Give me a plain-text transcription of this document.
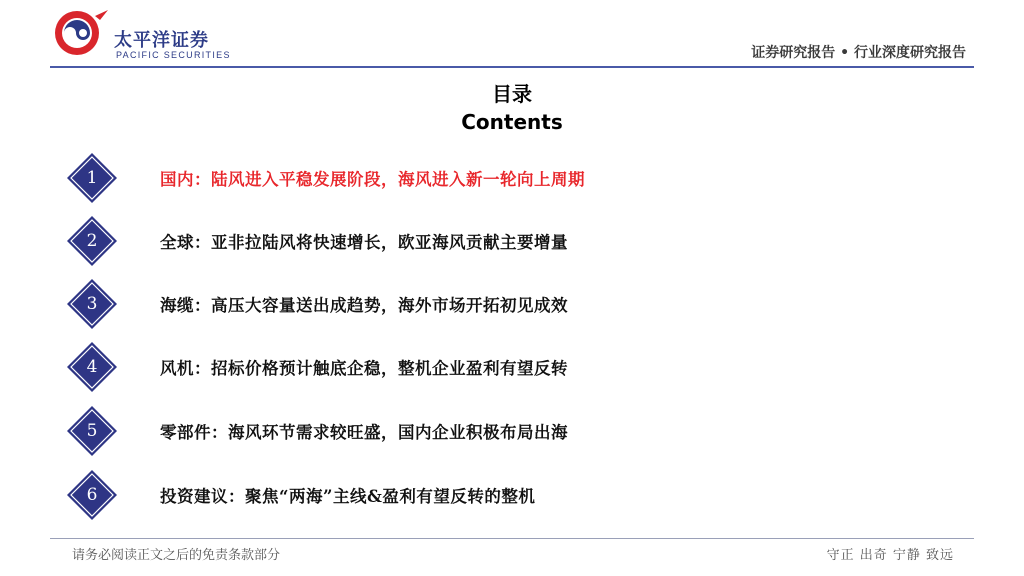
太平洋证券
PACIFIC SECURITIES	证券研究报告 • 行业深度研究报告
目录
Contents
1	国内：陆风进入平稳发展阶段，海风进入新一轮向上周期
2	全球：亚非拉陆风将快速增长，欧亚海风贡献主要增量
3	海缆：高压大容量送出成趋势，海外市场开拓初见成效
4	风机：招标价格预计触底企稳，整机企业盈利有望反转
5	零部件：海风环节需求较旺盛，国内企业积极布局出海
6	投资建议：聚焦“两海”主线&盈利有望反转的整机
请务必阅读正文之后的免责条款部分	守正 出奇 宁静 致远
